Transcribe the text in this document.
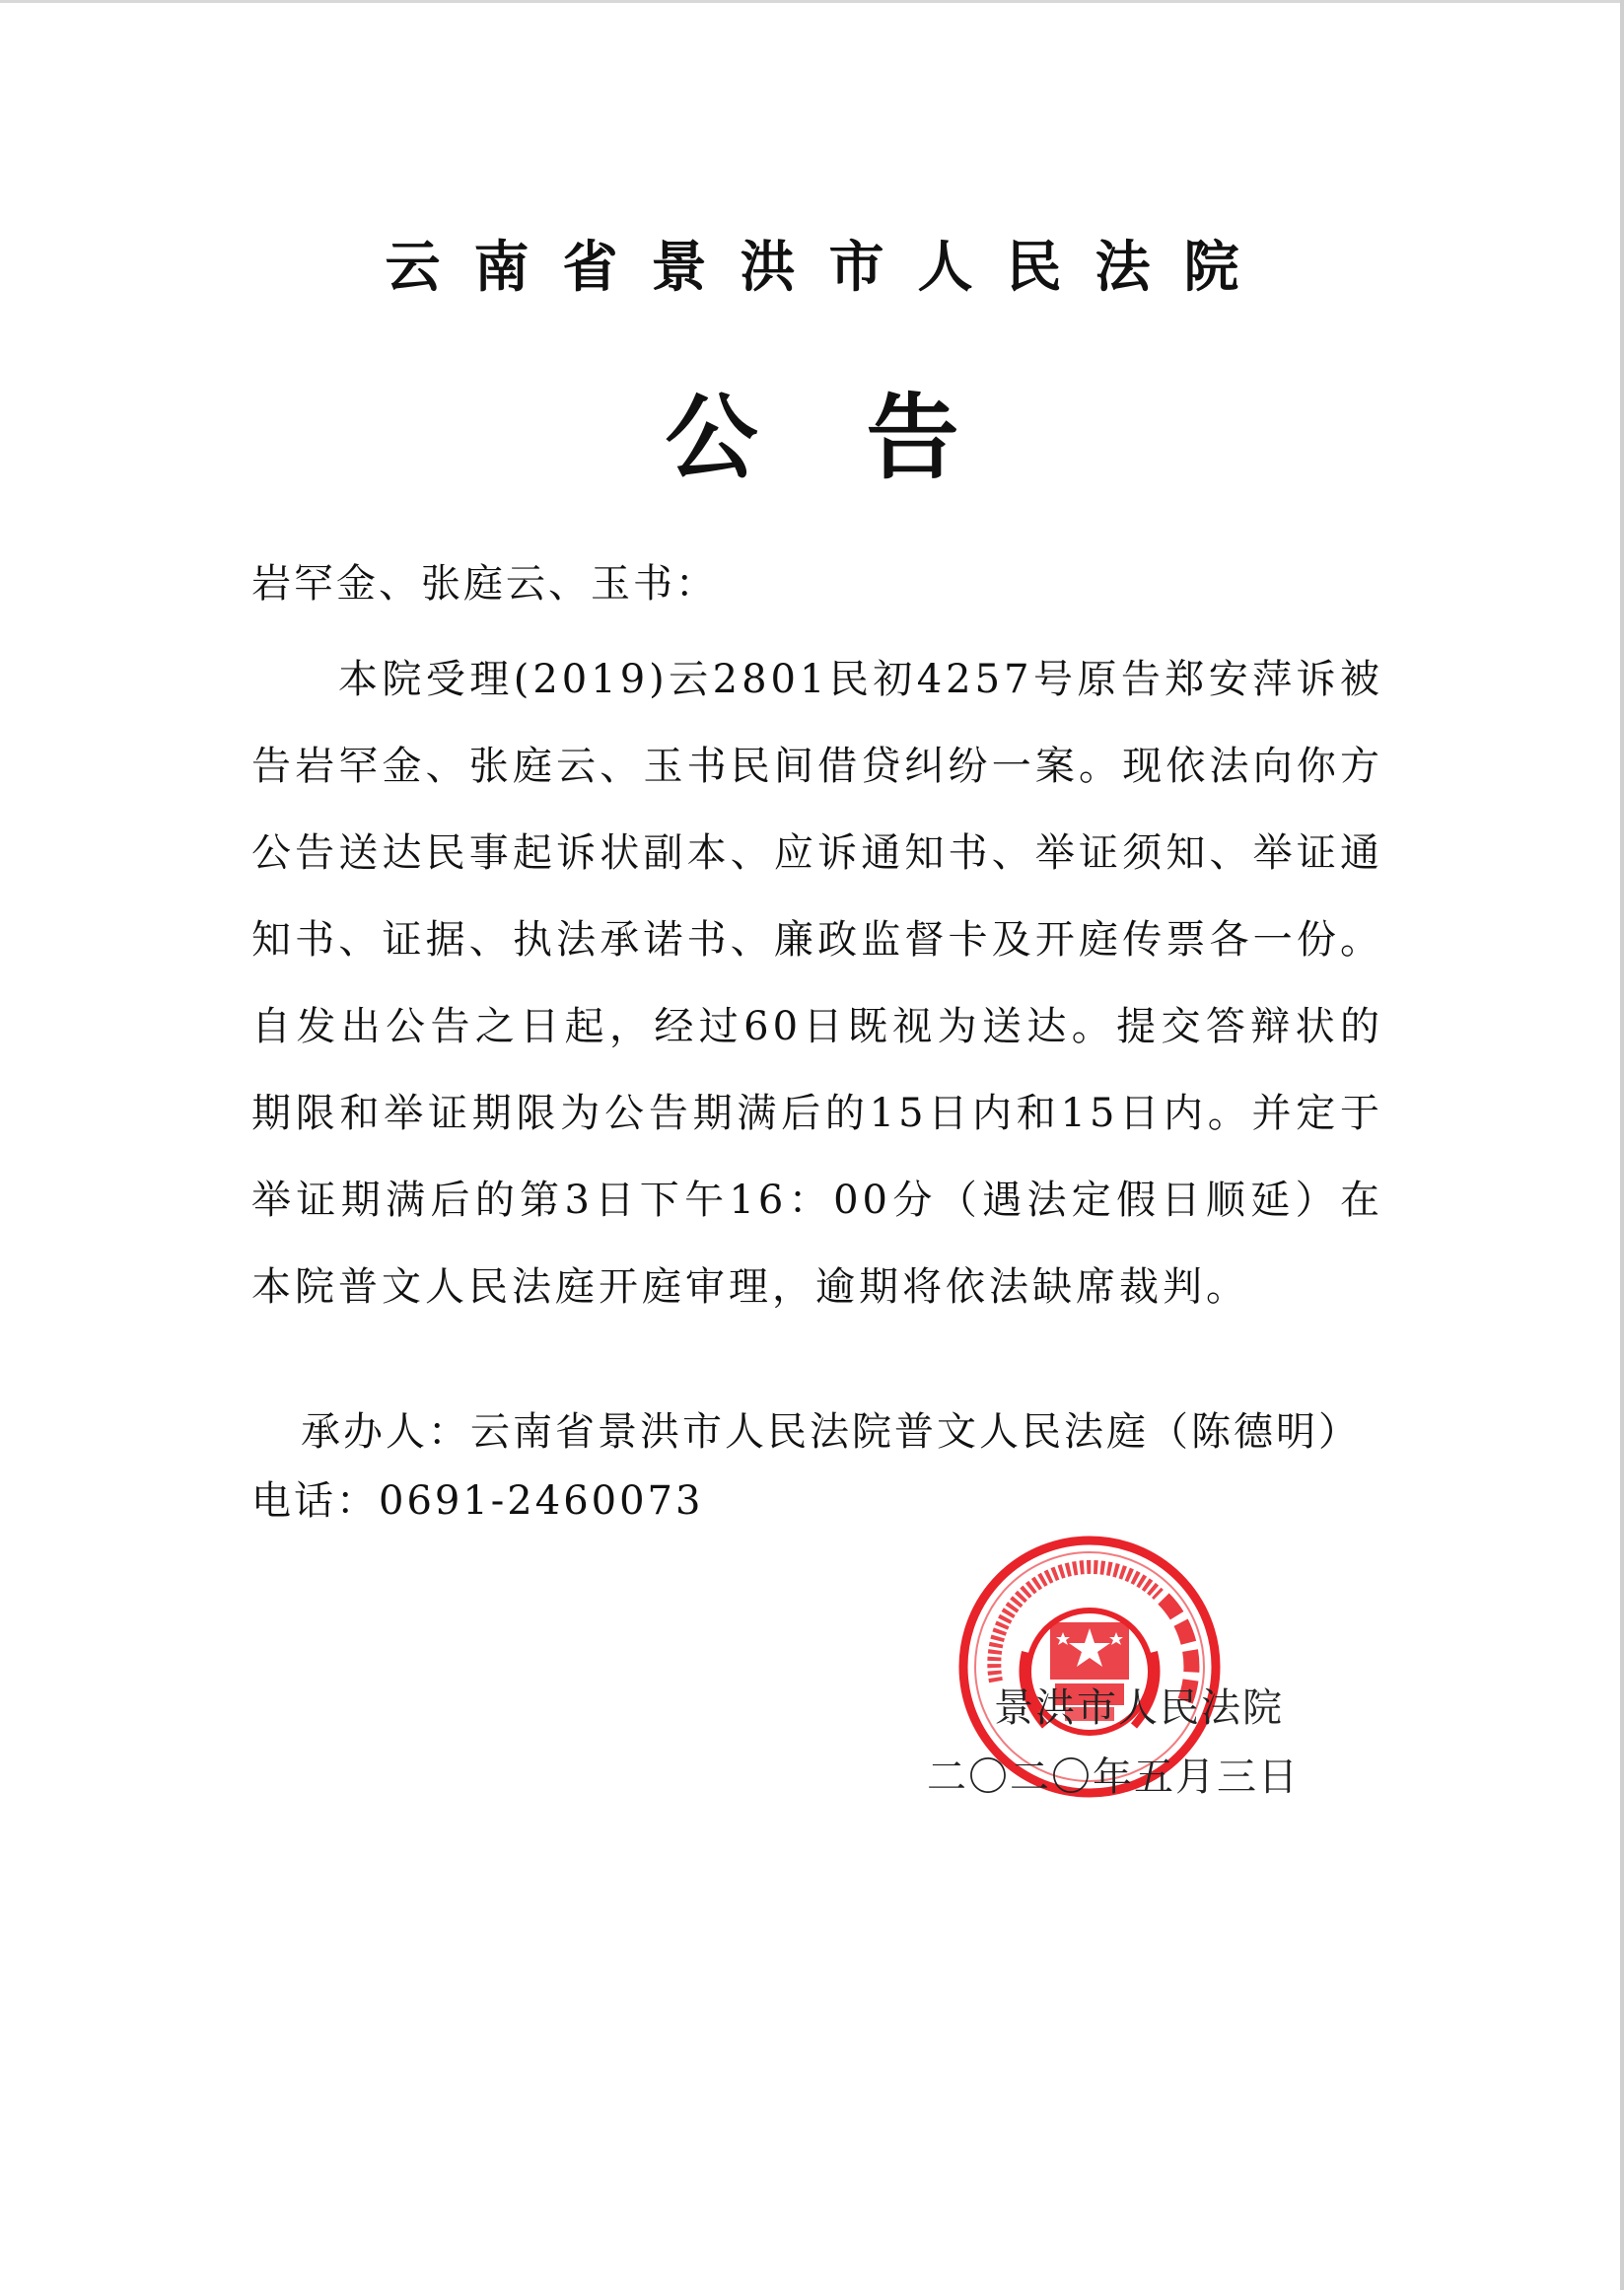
云南省景洪市人民法院
公告
岩罕金、张庭云、玉书：
本院受理(2019)云2801民初4257号原告郑安萍诉被告岩罕金、张庭云、玉书民间借贷纠纷一案。现依法向你方公告送达民事起诉状副本、应诉通知书、举证须知、举证通知书、证据、执法承诺书、廉政监督卡及开庭传票各一份。自发出公告之日起，经过60日既视为送达。提交答辩状的期限和举证期限为公告期满后的15日内和15日内。并定于举证期满后的第3日下午16：00分（遇法定假日顺延）在本院普文人民法庭开庭审理，逾期将依法缺席裁判。
承办人：云南省景洪市人民法院普文人民法庭（陈德明）
电话：0691-2460073
景洪市人民法院
二〇二〇年五月三日
